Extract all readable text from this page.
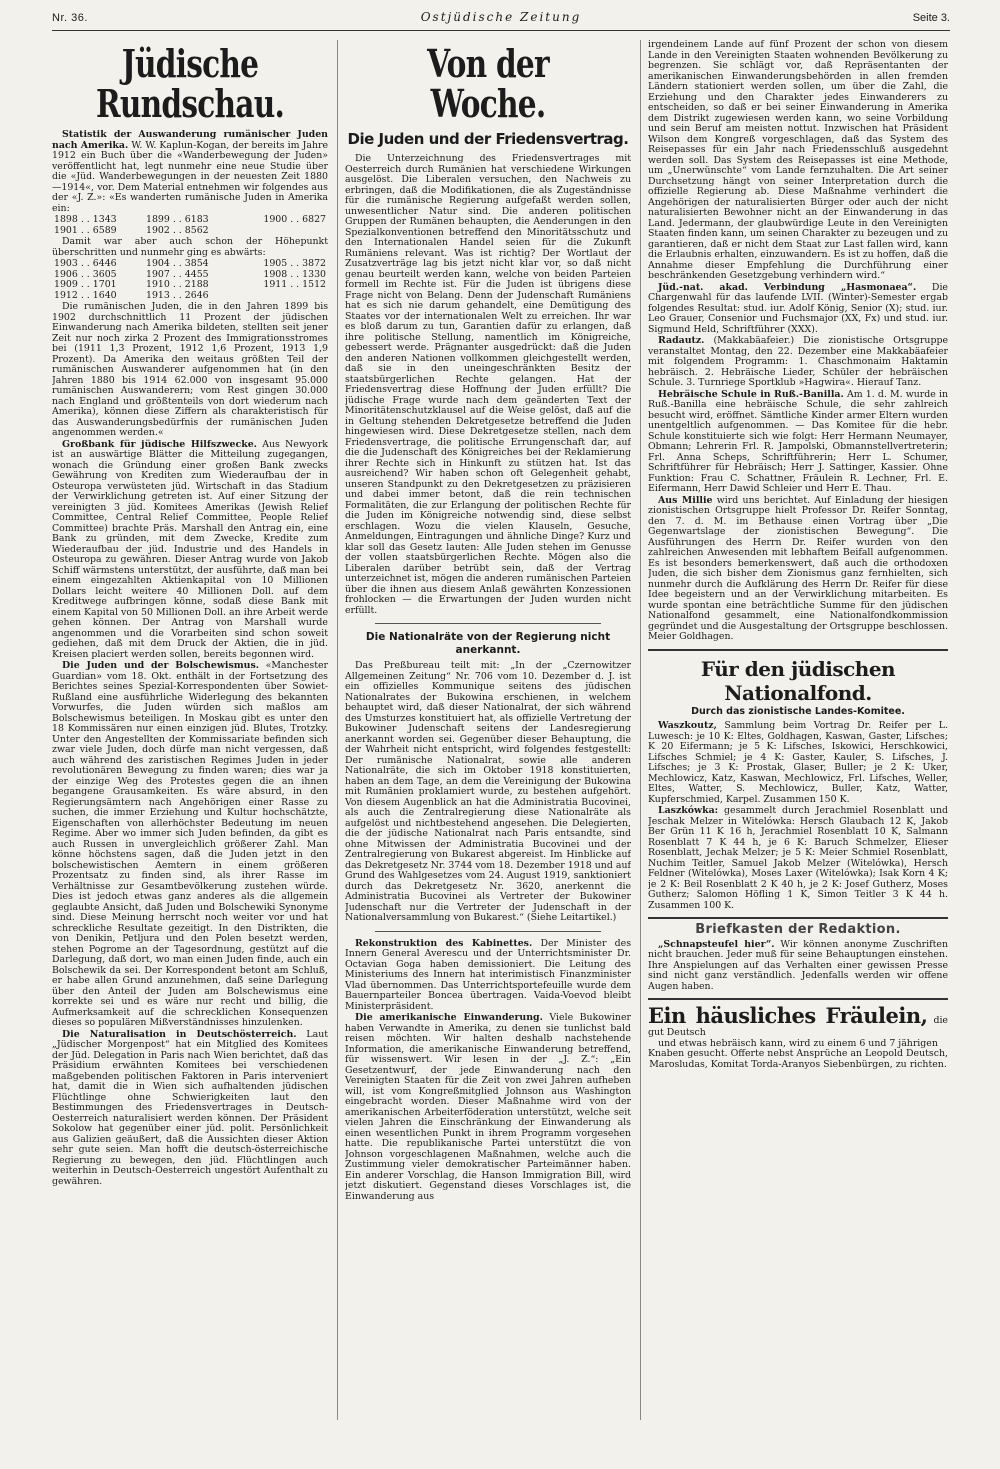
Nr. 36.	Ostjüdische Zeitung	Seite 3.
Jüdische Rundschau.

Statistik der Auswanderung rumänischer Juden nach Amerika. W. W. Kaplun-Kogan, der bereits im Jahre 1912 ein Buch über die «Wanderbewegung der Juden» veröffentlicht hat, legt nunmehr eine neue Studie über die «Jüd. Wanderbewegungen in der neuesten Zeit 1880—1914«, vor. Dem Material entnehmen wir folgendes aus der «J. Z.»: «Es wanderten rumänische Juden in Amerika ein:

1898 . . 1343	1899 . . 6183	1900 . . 6827
1901 . . 6589	1902 . . 8562	

Damit war aber auch schon der Höhepunkt überschritten und nunmehr ging es abwärts:

1903 . . 6446	1904 . . 3854	1905 . . 3872
1906 . . 3605	1907 . . 4455	1908 . . 1330
1909 . . 1701	1910 . . 2188	1911 . . 1512
1912 . . 1640	1913 . . 2646	

Die rumänischen Juden, die in den Jahren 1899 bis 1902 durchschnittlich 11 Prozent der jüdischen Einwanderung nach Amerika bildeten, stellten seit jener Zeit nur noch zirka 2 Prozent des Immigrationsstromes bei (1911 1,3 Prozent, 1912 1,6 Prozent, 1913 1,9 Prozent). Da Amerika den weitaus größten Teil der rumänischen Auswanderer aufgenommen hat (in den Jahren 1880 bis 1914 62.000 von insgesamt 95.000 rumänischen Auswanderern; vom Rest gingen 30.000 nach England und größtenteils von dort wiederum nach Amerika), können diese Ziffern als charakteristisch für das Auswanderungsbedürfnis der rumänischen Juden angenommen werden.«

Großbank für jüdische Hilfszwecke. Aus Newyork ist an auswärtige Blätter die Mitteilung zugegangen, wonach die Gründung einer großen Bank zwecks Gewährung von Krediten zum Wiederaufbau der in Osteuropa verwüsteten jüd. Wirtschaft in das Stadium der Verwirklichung getreten ist. Auf einer Sitzung der vereinigten 3 jüd. Komitees Amerikas (Jewish Relief Committee, Central Relief Committee, People Relief Committee) brachte Präs. Marshall den Antrag ein, eine Bank zu gründen, mit dem Zwecke, Kredite zum Wiederaufbau der jüd. Industrie und des Handels in Osteuropa zu gewähren. Dieser Antrag wurde von Jakob Schiff wärmstens unterstützt, der ausführte, daß man bei einem eingezahlten Aktienkapital von 10 Millionen Dollars leicht weitere 40 Millionen Doll. auf dem Kreditwege aufbringen könne, sodaß diese Bank mit einem Kapital von 50 Millionen Doll. an ihre Arbeit werde gehen können. Der Antrag von Marshall wurde angenommen und die Vorarbeiten sind schon soweit gediehen, daß mit dem Druck der Aktien, die in jüd. Kreisen placiert werden sollen, bereits begonnen wird.

Die Juden und der Bolschewismus. «Manchester Guardian» vom 18. Okt. enthält in der Fortsetzung des Berichtes seines Spezial-Korrespondenten über Sowiet-Rußland eine ausführliche Widerlegung des bekannten Vorwurfes, die Juden würden sich maßlos am Bolschewismus beteiligen. In Moskau gibt es unter den 18 Kommissären nur einen einzigen jüd. Blutes, Trotzky. Unter den Angestellten der Kommissariate befinden sich zwar viele Juden, doch dürfe man nicht vergessen, daß auch während des zaristischen Regimes Juden in jeder revolutionären Bewegung zu finden waren; dies war ja der einzige Weg des Protestes gegen die an ihnen begangene Grausamkeiten. Es wäre absurd, in den Regierungsämtern nach Angehörigen einer Rasse zu suchen, die immer Erziehung und Kultur hochschätzte, Eigenschaften von allerhöchster Bedeutung im neuen Regime. Aber wo immer sich Juden befinden, da gibt es auch Russen in unvergleichlich größerer Zahl. Man könne höchstens sagen, daß die Juden jetzt in den bolschewistischen Aemtern in einem größeren Prozentsatz zu finden sind, als ihrer Rasse im Verhältnisse zur Gesamtbevölkerung zustehen würde. Dies ist jedoch etwas ganz anderes als die allgemein geglaubte Ansicht, daß Juden und Bolschewiki Synonyme sind. Diese Meinung herrscht noch weiter vor und hat schreckliche Resultate gezeitigt. In den Distrikten, die von Denikin, Petljura und den Polen besetzt werden, stehen Pogrome an der Tagesordnung, gestützt auf die Darlegung, daß dort, wo man einen Juden finde, auch ein Bolschewik da sei. Der Korrespondent betont am Schluß, er habe allen Grund anzunehmen, daß seine Darlegung über den Anteil der Juden am Bolschewismus eine korrekte sei und es wäre nur recht und billig, die Aufmerksamkeit auf die schrecklichen Konsequenzen dieses so populären Mißverständnisses hinzulenken.

Die Naturalisation in Deutschösterreich. Laut „Jüdischer Morgenpost“ hat ein Mitglied des Komitees der Jüd. Delegation in Paris nach Wien berichtet, daß das Präsidium erwähnten Komitees bei verschiedenen maßgebenden politischen Faktoren in Paris interveniert hat, damit die in Wien sich aufhaltenden jüdischen Flüchtlinge ohne Schwierigkeiten laut den Bestimmungen des Friedensvertrages in Deutsch-Oesterreich naturalisiert werden können. Der Präsident Sokolow hat gegenüber einer jüd. polit. Persönlichkeit aus Galizien geäußert, daß die Aussichten dieser Aktion sehr gute seien. Man hofft die deutsch-österreichische Regierung zu bewegen, den jüd. Flüchtlingen auch weiterhin in Deutsch-Oesterreich ungestört Aufenthalt zu gewähren.

Von der Woche.
Die Juden und der Friedensvertrag.

Die Unterzeichnung des Friedensvertrages mit Oesterreich durch Rumänien hat verschiedene Wirkungen ausgelöst. Die Liberalen versuchen, den Nachweis zu erbringen, daß die Modifikationen, die als Zugeständnisse für die rumänische Regierung aufgefaßt werden sollen, unwesentlicher Natur sind. Die anderen politischen Gruppen der Rumänen behaupten, die Aenderungen in den Spezialkonventionen betreffend den Minoritätsschutz und den Internationalen Handel seien für die Zukunft Rumäniens relevant. Was ist richtig? Der Wortlaut der Zusatzverträge lag bis jetzt nicht klar vor, so daß nicht genau beurteilt werden kann, welche von beiden Parteien formell im Rechte ist. Für die Juden ist übrigens diese Frage nicht von Belang. Denn der Judenschaft Rumäniens hat es sich nie darum gehandelt, eine Demütigung des Staates vor der internationalen Welt zu erreichen. Ihr war es bloß darum zu tun, Garantien dafür zu erlangen, daß ihre politische Stellung, namentlich im Königreiche, gebessert werde. Prägnanter ausgedrückt: daß die Juden den anderen Nationen vollkommen gleichgestellt werden, daß sie in den uneingeschränkten Besitz der staatsbürgerlichen Rechte gelangen. Hat der Friedensvertrag diese Hoffnung der Juden erfüllt? Die jüdische Frage wurde nach dem geänderten Text der Minoritätenschutzklausel auf die Weise gelöst, daß auf die in Geltung stehenden Dekretgesetze betreffend die Juden hingewiesen wird. Diese Dekretgesetze stellen, nach dem Friedensvertrage, die politische Errungenschaft dar, auf die die Judenschaft des Königreiches bei der Reklamierung ihrer Rechte sich in Hinkunft zu stützen hat. Ist das ausreichend? Wir haben schon oft Gelegenheit gehabt, unseren Standpunkt zu den Dekretgesetzen zu präzisieren und dabei immer betont, daß die rein technischen Formalitäten, die zur Erlangung der politischen Rechte für die Juden im Königreiche notwendig sind, diese selbst erschlagen. Wozu die vielen Klauseln, Gesuche, Anmeldungen, Eintragungen und ähnliche Dinge? Kurz und klar soll das Gesetz lauten: Alle Juden stehen im Genusse der vollen staatsbürgerlichen Rechte. Mögen also die Liberalen darüber betrübt sein, daß der Vertrag unterzeichnet ist, mögen die anderen rumänischen Parteien über die ihnen aus diesem Anlaß gewährten Konzessionen frohlocken — die Erwartungen der Juden wurden nicht erfüllt.

Die Nationalräte von der Regierung nicht anerkannt.

Das Preßbureau teilt mit: „In der „Czernowitzer Allgemeinen Zeitung“ Nr. 706 vom 10. Dezember d. J. ist ein offizielles Kommunique seitens des jüdischen Nationalrates der Bukowina erschienen, in welchem behauptet wird, daß dieser Nationalrat, der sich während des Umsturzes konstituiert hat, als offizielle Vertretung der Bukowiner Judenschaft seitens der Landesregierung anerkannt worden sei. Gegenüber dieser Behauptung, die der Wahrheit nicht entspricht, wird folgendes festgestellt: Der rumänische Nationalrat, sowie alle anderen Nationalräte, die sich im Oktober 1918 konstituierten, haben an dem Tage, an dem die Vereinigung der Bukowina mit Rumänien proklamiert wurde, zu bestehen aufgehört. Von diesem Augenblick an hat die Administratia Bucovinei, als auch die Zentralregierung diese Nationalräte als aufgelöst und nichtbestehend angesehen. Die Delegierten, die der jüdische Nationalrat nach Paris entsandte, sind ohne Mitwissen der Administratia Bucovinei und der Zentralregierung von Bukarest abgereist. Im Hinblicke auf das Dekretgesetz Nr. 3744 vom 18. Dezember 1918 und auf Grund des Wahlgesetzes vom 24. August 1919, sanktioniert durch das Dekretgesetz Nr. 3620, anerkennt die Administratia Bucovinei als Vertreter der Bukowiner Judenschaft nur die Vertreter der Judenschaft in der Nationalversammlung von Bukarest.“ (Siehe Leitartikel.)

Rekonstruktion des Kabinettes. Der Minister des Innern General Averescu und der Unterrichtsminister Dr. Octavian Goga haben demissioniert. Die Leitung des Ministeriums des Innern hat interimistisch Finanzminister Vlad übernommen. Das Unterrichtsportefeuille wurde dem Bauernparteiler Boncea übertragen. Vaida-Voevod bleibt Ministerpräsident.

Die amerikanische Einwanderung. Viele Bukowiner haben Verwandte in Amerika, zu denen sie tunlichst bald reisen möchten. Wir halten deshalb nachstehende Information, die amerikanische Einwanderung betreffend, für wissenswert. Wir lesen in der „J. Z.“: „Ein Gesetzentwurf, der jede Einwanderung nach den Vereinigten Staaten für die Zeit von zwei Jahren aufheben will, ist vom Kongreßmitglied Johnson aus Washington eingebracht worden. Dieser Maßnahme wird von der amerikanischen Arbeiterföderation unterstützt, welche seit vielen Jahren die Einschränkung der Einwanderung als einen wesentlichen Punkt in ihrem Programm vorgesehen hatte. Die republikanische Partei unterstützt die von Johnson vorgeschlagenen Maßnahmen, welche auch die Zustimmung vieler demokratischer Parteimänner haben. Ein anderer Vorschlag, die Hanson Immigration Bill, wird jetzt diskutiert. Gegenstand dieses Vorschlages ist, die Einwanderung aus

irgendeinem Lande auf fünf Prozent der schon von diesem Lande in den Vereinigten Staaten wohnenden Bevölkerung zu begrenzen. Sie schlägt vor, daß Repräsentanten der amerikanischen Einwanderungsbehörden in allen fremden Ländern stationiert werden sollen, um über die Zahl, die Erziehung und den Charakter jedes Einwanderers zu entscheiden, so daß er bei seiner Einwanderung in Amerika dem Distrikt zugewiesen werden kann, wo seine Vorbildung und sein Beruf am meisten nottut. Inzwischen hat Präsident Wilson dem Kongreß vorgeschlagen, daß das System des Reisepasses für ein Jahr nach Friedensschluß ausgedehnt werden soll. Das System des Reisepasses ist eine Methode, um „Unerwünschte“ vom Lande fernzuhalten. Die Art seiner Durchsetzung hängt von seiner Interpretation durch die offizielle Regierung ab. Diese Maßnahme verhindert die Angehörigen der naturalisierten Bürger oder auch der nicht naturalisierten Bewohner nicht an der Einwanderung in das Land. Jedermann, der glaubwürdige Leute in den Vereinigten Staaten finden kann, um seinen Charakter zu bezeugen und zu garantieren, daß er nicht dem Staat zur Last fallen wird, kann die Erlaubnis erhalten, einzuwandern. Es ist zu hoffen, daß die Annahme dieser Empfehlung die Durchführung einer beschränkenden Gesetzgebung verhindern wird.“

Jüd.-nat. akad. Verbindung „Hasmonaea“. Die Chargenwahl für das laufende LVII. (Winter)-Semester ergab folgendes Resultat: stud. iur. Adolf König, Senior (X); stud. iur. Leo Grauer, Consenior und Fuchsmajor (XX, Fx) und stud. iur. Sigmund Held, Schriftführer (XXX).

Radautz. (Makkabäafeier.) Die zionistische Ortsgruppe veranstaltet Montag, den 22. Dezember eine Makkabäafeier mit folgendem Programm: 1. Chaschmonaim Haktamin hebräisch. 2. Hebräische Lieder, Schüler der hebräischen Schule. 3. Turnriege Sportklub »Hagwira«. Hierauf Tanz.

Hebräische Schule in Ruß.-Banilla. Am 1. d. M. wurde in Ruß.-Banilla eine hebräische Schule, die sehr zahlreich besucht wird, eröffnet. Sämtliche Kinder armer Eltern wurden unentgeltlich aufgenommen. — Das Komitee für die hebr. Schule konstituierte sich wie folgt: Herr Hermann Neumayer, Obmann; Lehrerin Frl. R. Jampolski, Obmannstellvertreterin; Frl. Anna Scheps, Schriftführerin; Herr L. Schumer, Schriftführer für Hebräisch; Herr J. Sattinger, Kassier. Ohne Funktion: Frau C. Schattner, Fräulein R. Lechner, Frl. E. Eifermann, Herr Dawid Schleier und Herr E. Thau.

Aus Millie wird uns berichtet. Auf Einladung der hiesigen zionistischen Ortsgruppe hielt Professor Dr. Reifer Sonntag, den 7. d. M. im Bethause einen Vortrag über „Die Gegenwartslage der zionistischen Bewegung“. Die Ausführungen des Herrn Dr. Reifer wurden von den zahlreichen Anwesenden mit lebhaftem Beifall aufgenommen. Es ist besonders bemerkenswert, daß auch die orthodoxen Juden, die sich bisher dem Zionismus ganz fernhielten, sich nunmehr durch die Aufklärung des Herrn Dr. Reifer für diese Idee begeistern und an der Verwirklichung mitarbeiten. Es wurde spontan eine beträchtliche Summe für den jüdischen Nationalfond gesammelt, eine Nationalfondkommission gegründet und die Ausgestaltung der Ortsgruppe beschlossen. Meier Goldhagen.

Für den jüdischen Nationalfond.
Durch das zionistische Landes-Komitee.

Waszkoutz, Sammlung beim Vortrag Dr. Reifer per L. Luwesch: je 10 K: Eltes, Goldhagen, Kaswan, Gaster, Lifsches; K 20 Eifermann; je 5 K: Lifsches, Iskowici, Herschkowici, Lifsches Schmiel; je 4 K: Gaster, Kauler, S. Lifsches, J. Lifsches; je 3 K: Prostak, Glaser, Buller; je 2 K: Uker, Mechlowicz, Katz, Kaswan, Mechlowicz, Frl. Lifsches, Weller, Eltes, Watter, S. Mechlowicz, Buller, Katz, Watter, Kupferschmied, Karpel. Zusammen 150 K.

Laszkówka: gesammelt durch Jerachmiel Rosenblatt und Jeschak Melzer in Witelówka: Hersch Glaubach 12 K, Jakob Ber Grün 11 K 16 h, Jerachmiel Rosenblatt 10 K, Salmann Rosenblatt 7 K 44 h, je 6 K: Baruch Schmelzer, Elieser Rosenblatt, Jechak Melzer; je 5 K: Meier Schmiel Rosenblatt, Nuchim Teitler, Samuel Jakob Melzer (Witelówka), Hersch Feldner (Witelówka), Moses Laxer (Witelówka); Isak Korn 4 K; je 2 K: Beil Rosenblatt 2 K 40 h, je 2 K: Josef Gutherz, Moses Gutherz; Salomon Höfling 1 K, Simon Teitler 3 K 44 h. Zusammen 100 K.

Briefkasten der Redaktion.

„Schnapsteufel hier“. Wir können anonyme Zuschriften nicht brauchen. Jeder muß für seine Behauptungen einstehen. Ihre Anspielungen auf das Verhalten einer gewissen Presse sind nicht ganz verständlich. Jedenfalls werden wir offene Augen haben.

Ein häusliches Fräulein, die gut Deutsch
und etwas hebräisch kann, wird zu einem 6 und 7 jährigen Knaben gesucht. Offerte nebst Ansprüche an Leopold Deutsch, Marosludas, Komitat Torda-Aranyos Siebenbürgen, zu richten.
